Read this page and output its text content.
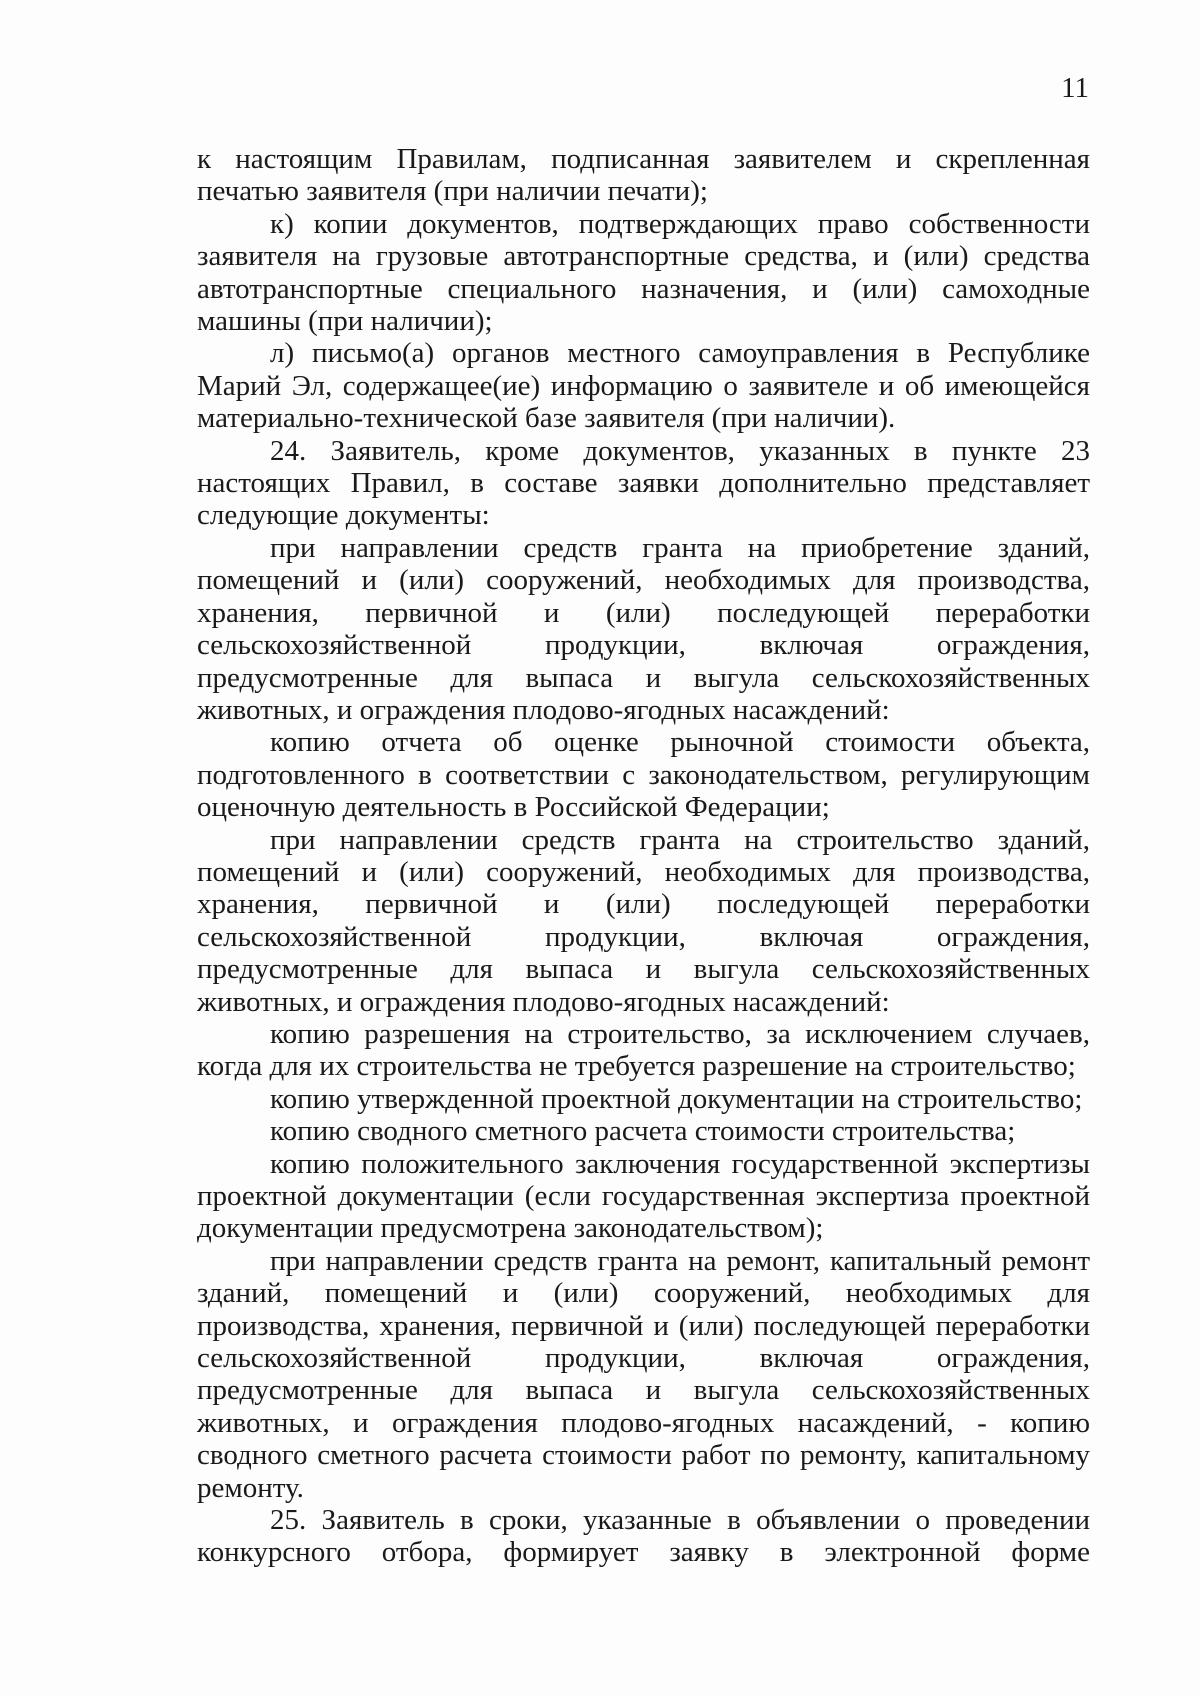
11

к настоящим Правилам, подписанная заявителем и скрепленная печатью заявителя (при наличии печати);

к) копии документов, подтверждающих право собственности заявителя на грузовые автотранспортные средства, и (или) средства автотранспортные специального назначения, и (или) самоходные машины (при наличии);

л) письмо(а) органов местного самоуправления в Республике Марий Эл, содержащее(ие) информацию о заявителе и об имеющейся материально-технической базе заявителя (при наличии).

24. Заявитель, кроме документов, указанных в пункте 23 настоящих Правил, в составе заявки дополнительно представляет следующие документы:

при направлении средств гранта на приобретение зданий, помещений и (или) сооружений, необходимых для производства, хранения, первичной и (или) последующей переработки сельскохозяйственной продукции, включая ограждения, предусмотренные для выпаса и выгула сельскохозяйственных животных, и ограждения плодово-ягодных насаждений:

копию отчета об оценке рыночной стоимости объекта, подготовленного в соответствии с законодательством, регулирующим оценочную деятельность в Российской Федерации;

при направлении средств гранта на строительство зданий, помещений и (или) сооружений, необходимых для производства, хранения, первичной и (или) последующей переработки сельскохозяйственной продукции, включая ограждения, предусмотренные для выпаса и выгула сельскохозяйственных животных, и ограждения плодово-ягодных насаждений:

копию разрешения на строительство, за исключением случаев, когда для их строительства не требуется разрешение на строительство;

копию утвержденной проектной документации на строительство;

копию сводного сметного расчета стоимости строительства;

копию положительного заключения государственной экспертизы проектной документации (если государственная экспертиза проектной документации предусмотрена законодательством);

при направлении средств гранта на ремонт, капитальный ремонт зданий, помещений и (или) сооружений, необходимых для производства, хранения, первичной и (или) последующей переработки сельскохозяйственной продукции, включая ограждения, предусмотренные для выпаса и выгула сельскохозяйственных животных, и ограждения плодово-ягодных насаждений, - копию сводного сметного расчета стоимости работ по ремонту, капитальному ремонту.

25. Заявитель в сроки, указанные в объявлении о проведении конкурсного отбора, формирует заявку в электронной форме
